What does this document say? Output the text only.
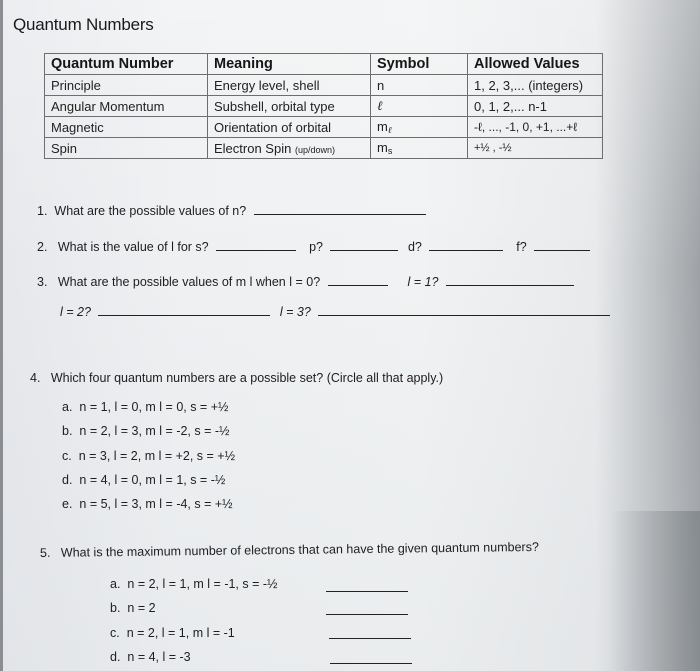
Quantum Numbers
Quantum Number	Meaning	Symbol	Allowed Values
Principle	Energy level, shell	n	1, 2, 3,... (integers)
Angular Momentum	Subshell, orbital type	ℓ	0, 1, 2,... n-1
Magnetic	Orientation of orbital	$m_\ell$	-ℓ, ..., -1, 0, +1, ...+ℓ
Spin	Electron Spin (up/down)	$m_s$	+½ , -½
1. What are the possible values of n?
2. What is the value of l for s?	p?	d?	f?
3. What are the possible values of m l when l = 0?	l = 1?
l = 2?	l = 3?
4. Which four quantum numbers are a possible set? (Circle all that apply.)
a. n = 1, l = 0, m l = 0, s = +½
b. n = 2, l = 3, m l = -2, s = -½
c. n = 3, l = 2, m l = +2, s = +½
d. n = 4, l = 0, m l = 1, s = -½
e. n = 5, l = 3, m l = -4, s = +½
5. What is the maximum number of electrons that can have the given quantum numbers?
a. n = 2, l = 1, m l = -1, s = -½
b. n = 2
c. n = 2, l = 1, m l = -1
d. n = 4, l = -3
